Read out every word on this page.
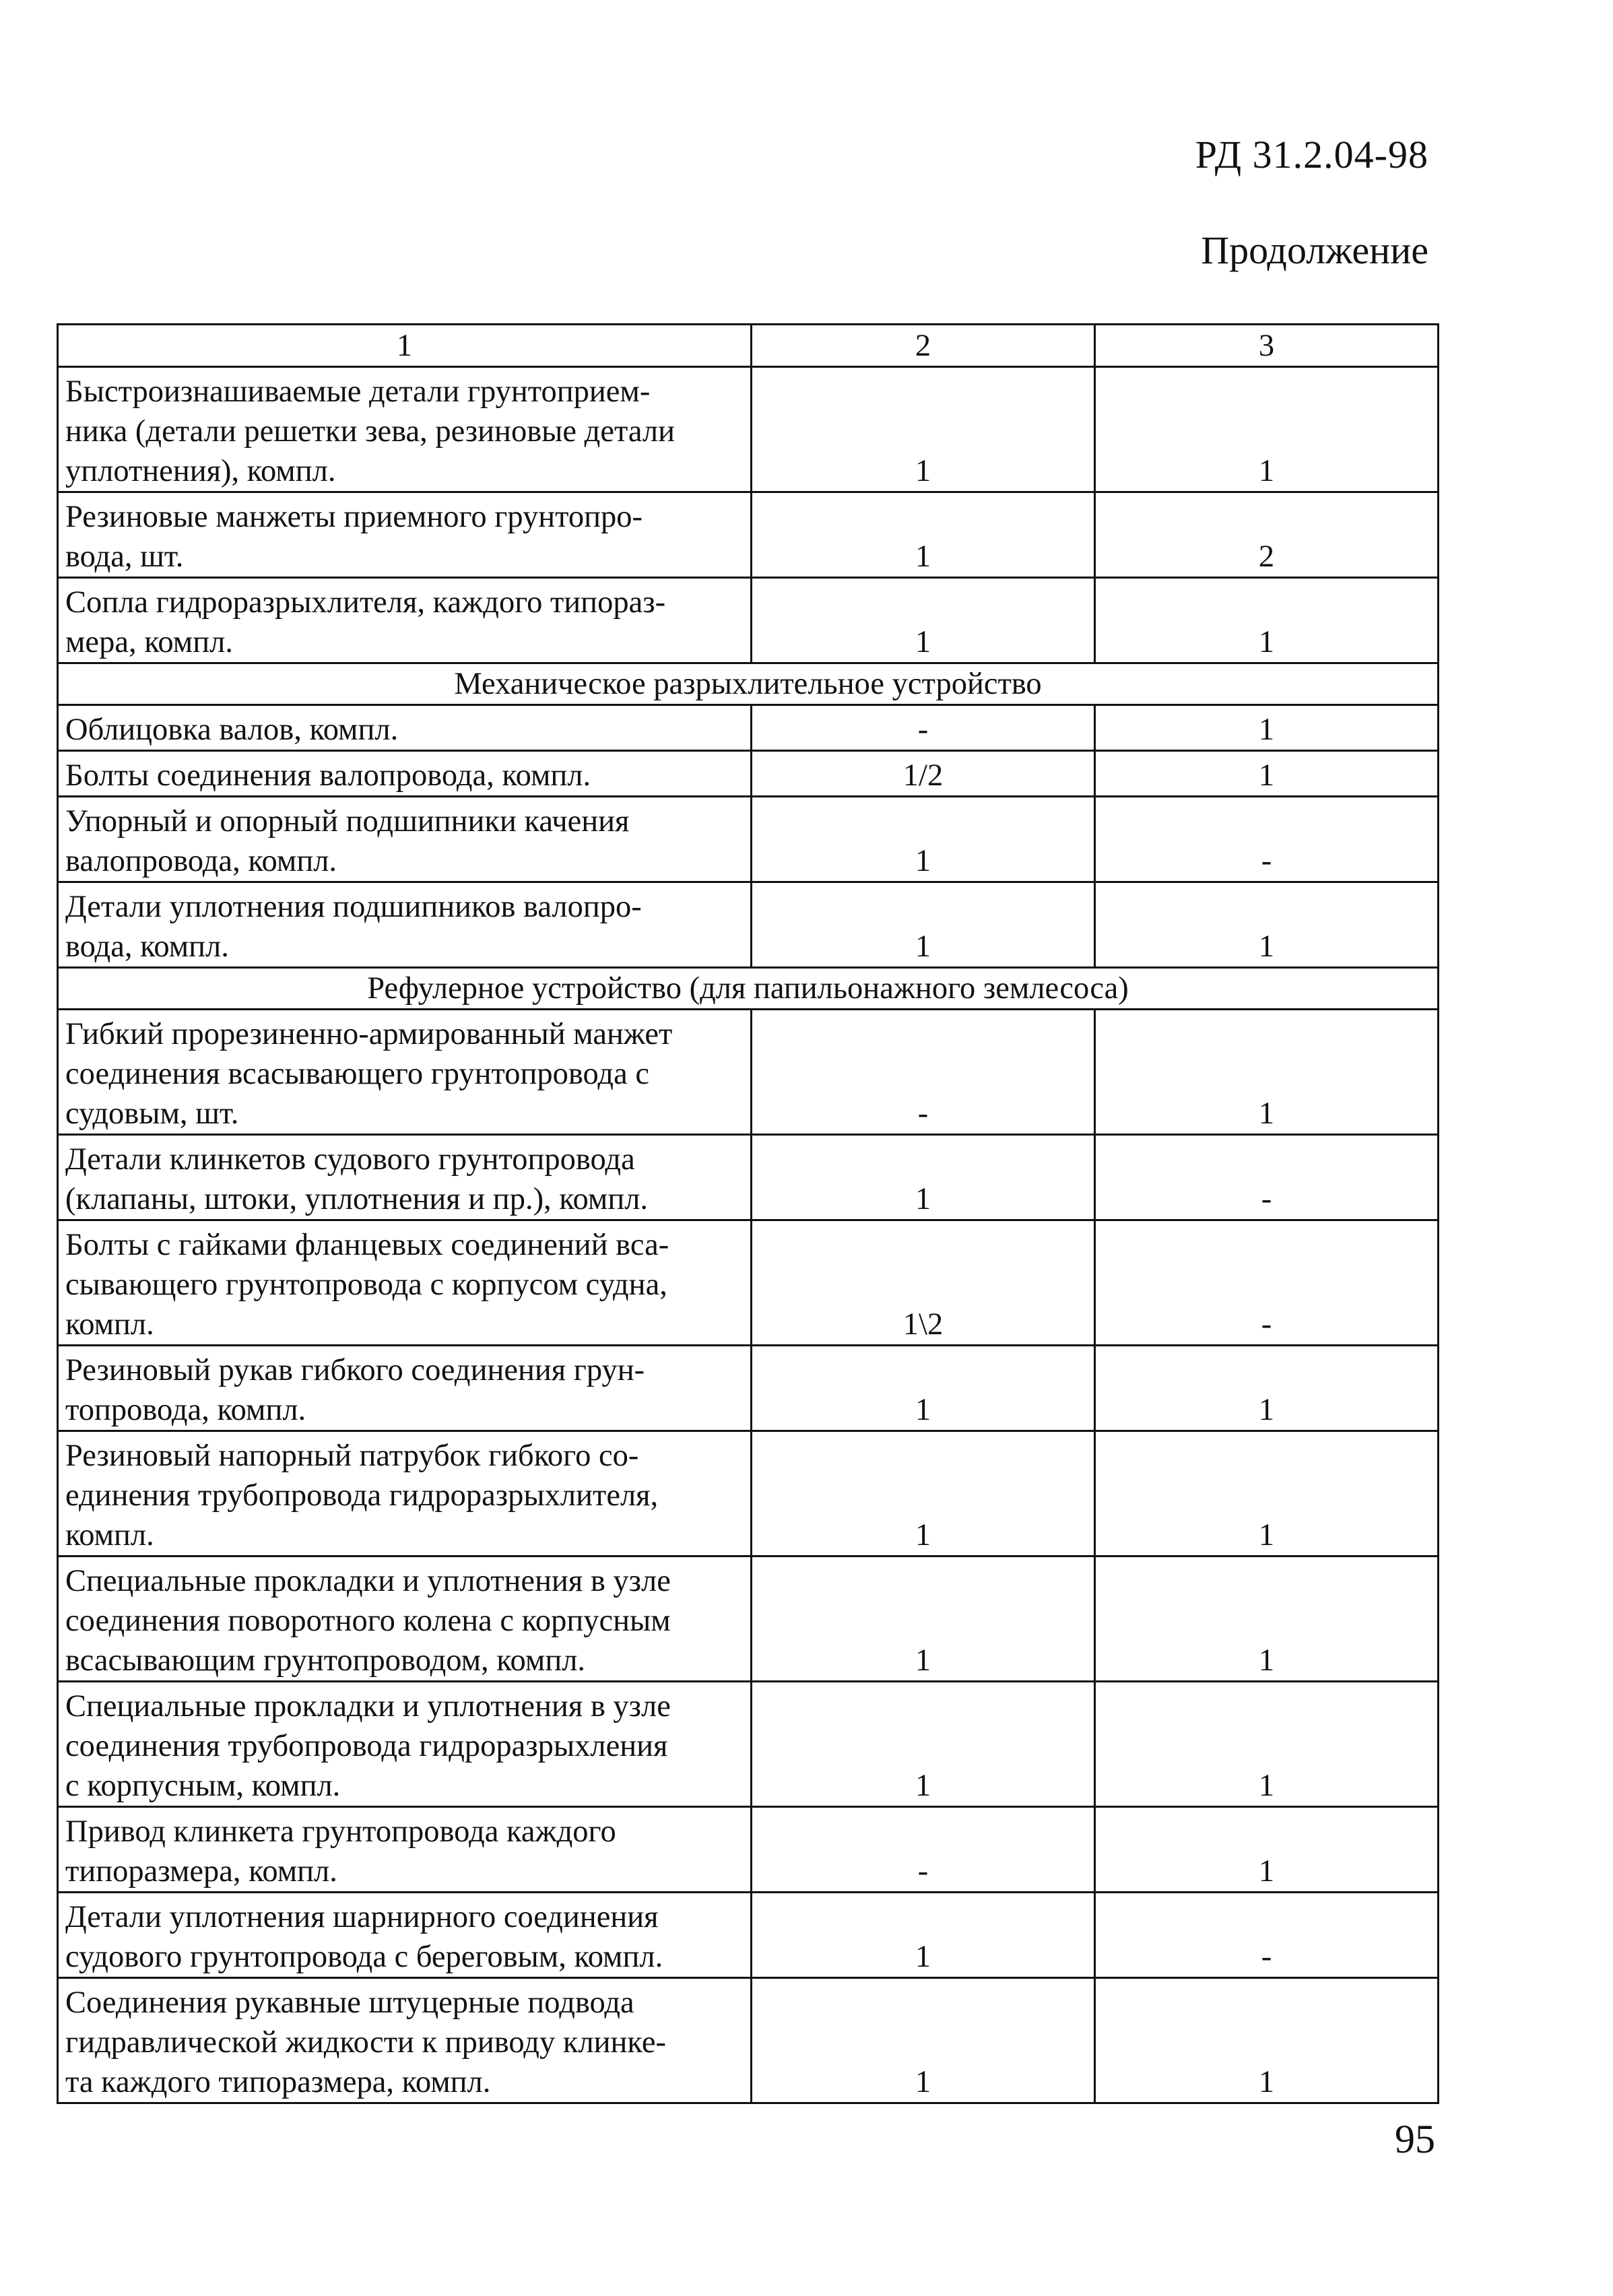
РД 31.2.04-98
Продолжение
1	2	3

Быстроизнашиваемые детали грунтоприем-
ника (детали решетки зева, резиновые детали
уплотнения), компл.	1	1

Резиновые манжеты приемного грунтопро-
вода, шт.	1	2

Сопла гидроразрыхлителя, каждого типораз-
мера, компл.	1	1
Механическое разрыхлительное устройство		

Облицовка валов, компл.	-	1

Болты соединения валопровода, компл.	1/2	1

Упорный и опорный подшипники качения
валопровода, компл.	1	-

Детали уплотнения подшипников валопро-
вода, компл.	1	1
Рефулерное устройство (для папильонажного землесоса)		

Гибкий прорезиненно-армированный манжет
соединения всасывающего грунтопровода с
судовым, шт.	-	1

Детали клинкетов судового грунтопровода
(клапаны, штоки, уплотнения и пр.), компл.	1	-

Болты с гайками фланцевых соединений вса-
сывающего грунтопровода с корпусом судна,
компл.	1\2	-

Резиновый рукав гибкого соединения грун-
топровода, компл.	1	1

Резиновый напорный патрубок гибкого со-
единения трубопровода гидроразрыхлителя,
компл.	1	1

Специальные прокладки и уплотнения в узле
соединения поворотного колена с корпусным
всасывающим грунтопроводом, компл.	1	1

Специальные прокладки и уплотнения в узле
соединения трубопровода гидроразрыхления
с корпусным, компл.	1	1

Привод клинкета грунтопровода каждого
типоразмера, компл.	-	1

Детали уплотнения шарнирного соединения
судового грунтопровода с береговым, компл.	1	-

Соединения рукавные штуцерные подвода
гидравлической жидкости к приводу клинке-
та каждого типоразмера, компл.	1	1
95
